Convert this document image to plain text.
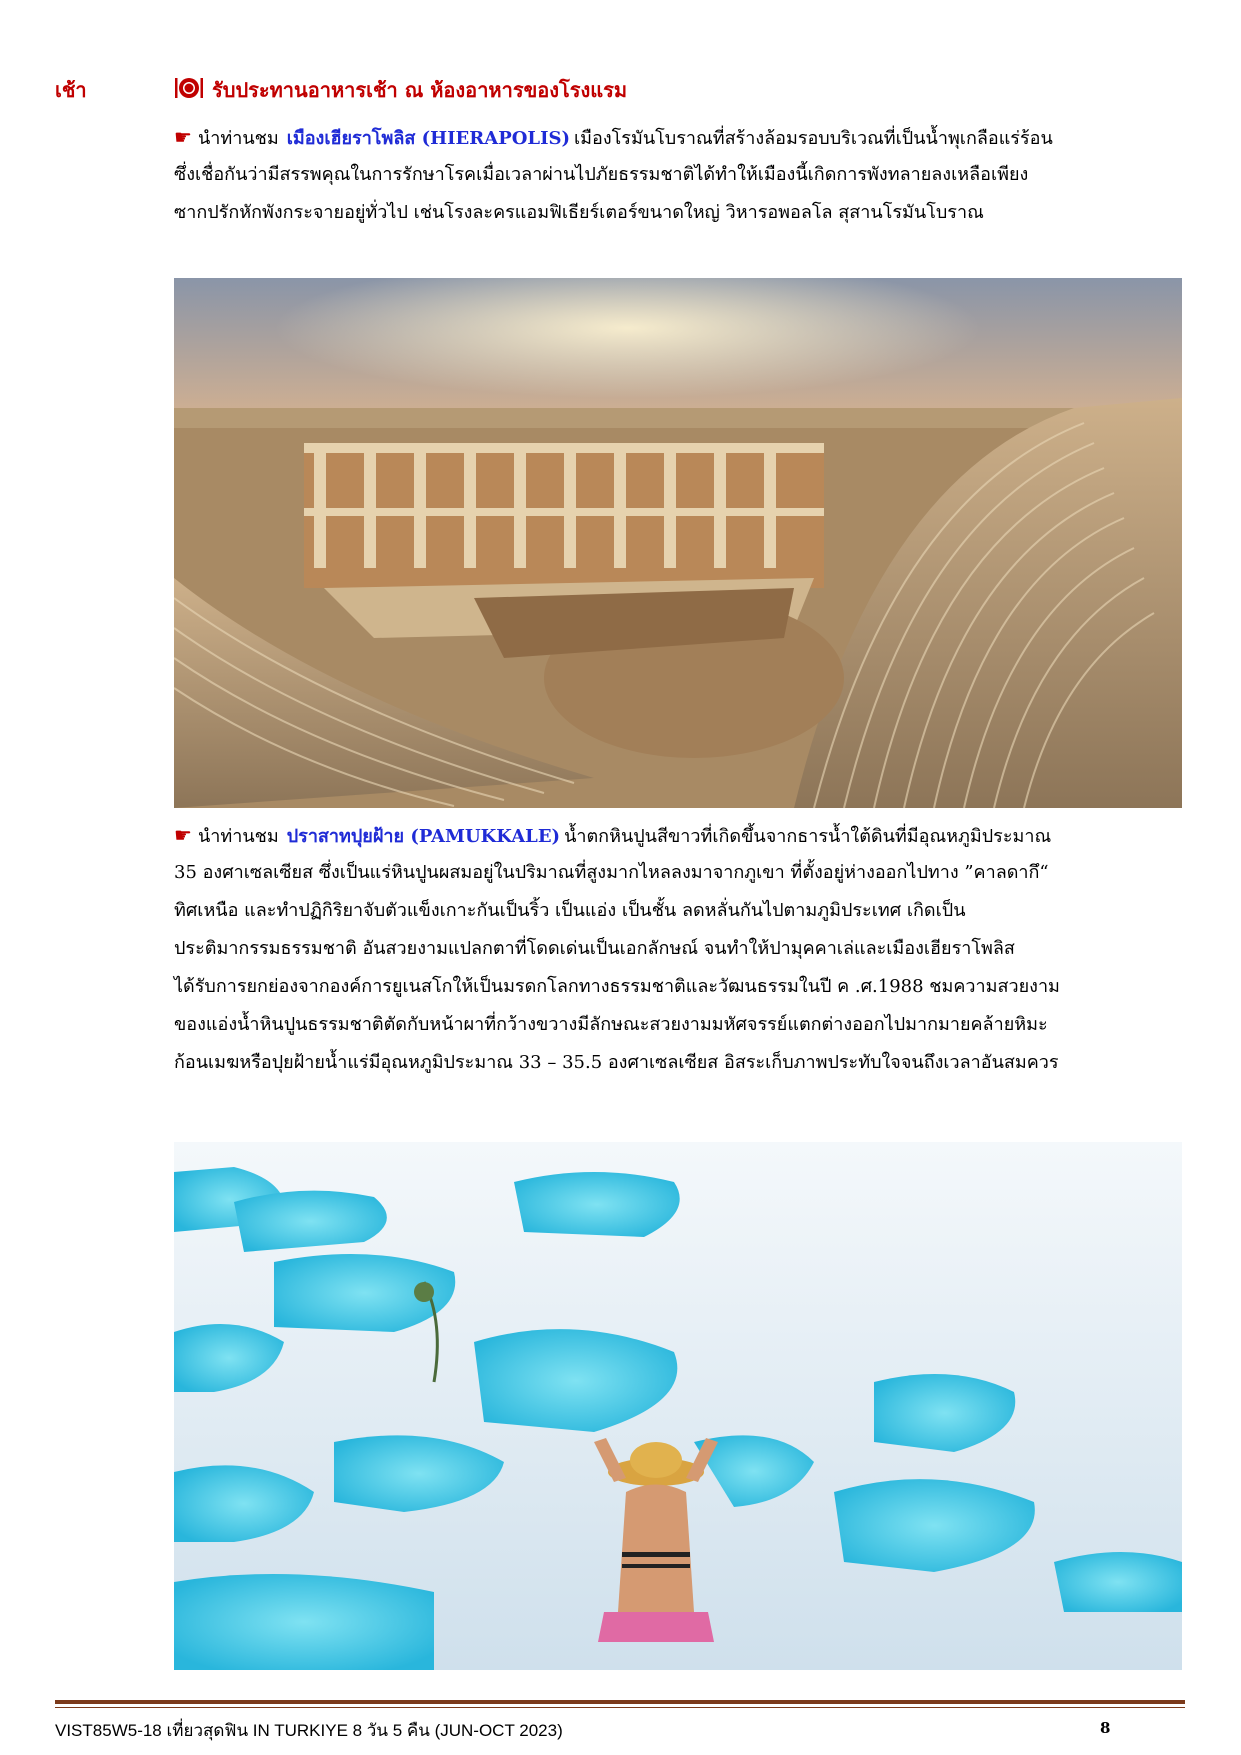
เช้า	รับประทานอาหารเช้า ณ ห้องอาหารของโรงแรม
☛ นำท่านชม เมืองเฮียราโพลิส (HIERAPOLIS) เมืองโรมันโบราณที่สร้างล้อมรอบบริเวณที่เป็นน้ำพุเกลือแร่ร้อน
ซึ่งเชื่อกันว่ามีสรรพคุณในการรักษาโรคเมื่อเวลาผ่านไปภัยธรรมชาติได้ทำให้เมืองนี้เกิดการพังทลายลงเหลือเพียง
ซากปรักหักพังกระจายอยู่ทั่วไป เช่นโรงละครแอมฟิเธียร์เตอร์ขนาดใหญ่ วิหารอพอลโล สุสานโรมันโบราณ
☛ นำท่านชม ปราสาทปุยฝ้าย (PAMUKKALE) น้ำตกหินปูนสีขาวที่เกิดขึ้นจากธารน้ำใต้ดินที่มีอุณหภูมิประมาณ
35 องศาเซลเซียส ซึ่งเป็นแร่หินปูนผสมอยู่ในปริมาณที่สูงมากไหลลงมาจากภูเขา ที่ตั้งอยู่ห่างออกไปทาง ”คาลดากึ“
ทิศเหนือ และทำปฏิกิริยาจับตัวแข็งเกาะกันเป็นริ้ว เป็นแอ่ง เป็นชั้น ลดหลั่นกันไปตามภูมิประเทศ เกิดเป็น
ประติมากรรมธรรมชาติ อันสวยงามแปลกตาที่โดดเด่นเป็นเอกลักษณ์ จนทำให้ปามุคคาเล่และเมืองเฮียราโพลิส
ได้รับการยกย่องจากองค์การยูเนสโกให้เป็นมรดกโลกทางธรรมชาติและวัฒนธรรมในปี ค .ศ.1988 ชมความสวยงาม
ของแอ่งน้ำหินปูนธรรมชาติตัดกับหน้าผาที่กว้างขวางมีลักษณะสวยงามมหัศจรรย์แตกต่างออกไปมากมายคล้ายหิมะ
ก้อนเมฆหรือปุยฝ้ายน้ำแร่มีอุณหภูมิประมาณ 33 – 35.5 องศาเซลเซียส อิสระเก็บภาพประทับใจจนถึงเวลาอันสมควร
VIST85W5-18 เที่ยวสุดฟิน IN TURKIYE 8 วัน 5 คืน (JUN-OCT 2023)	8
